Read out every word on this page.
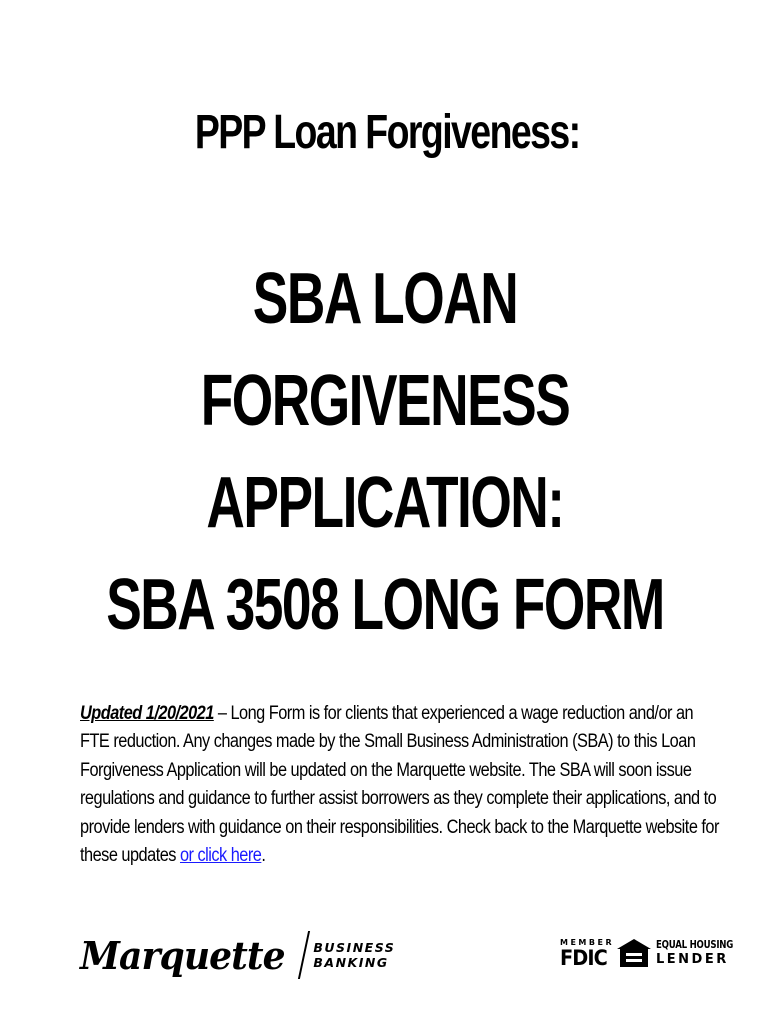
PPP Loan Forgiveness:
SBA LOAN
FORGIVENESS
APPLICATION:
SBA 3508 LONG FORM
Updated 1/20/2021 – Long Form is for clients that experienced a wage reduction and/or an FTE reduction. Any changes made by the Small Business Administration (SBA) to this Loan Forgiveness Application will be updated on the Marquette website. The SBA will soon issue regulations and guidance to further assist borrowers as they complete their applications, and to provide lenders with guidance on their responsibilities. Check back to the Marquette website for these updates or click here.
Marquette BUSINESS
BANKING
MEMBER
FDIC
EQUAL HOUSING
LENDER
